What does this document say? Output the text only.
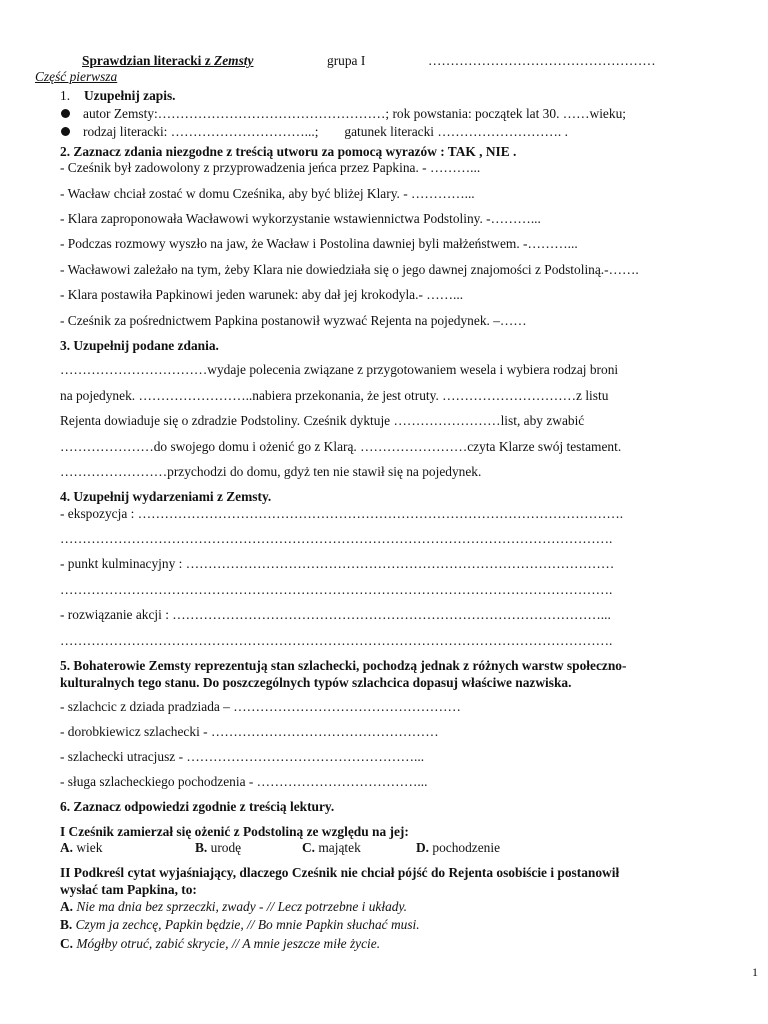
Sprawdzian literacki z Zemsty	grupa I	……………………………………………
Część pierwsza
1. Uzupełnij zapis.
autor Zemsty:……………………………………………; rok powstania: początek lat 30. ……wieku;
rodzaj literacki: …………………………...; gatunek literacki ………………………. .
2. Zaznacz zdania niezgodne z treścią utworu za pomocą wyrazów : TAK , NIE .
- Cześnik był zadowolony z przyprowadzenia jeńca przez Papkina. - ………...
- Wacław chciał zostać w domu Cześnika, aby być bliżej Klary. - …………...
- Klara zaproponowała Wacławowi wykorzystanie wstawiennictwa Podstoliny. -………...
- Podczas rozmowy wyszło na jaw, że Wacław i Postolina dawniej byli małżeństwem. -………...
- Wacławowi zależało na tym, żeby Klara nie dowiedziała się o jego dawnej znajomości z Podstoliną.-…….
- Klara postawiła Papkinowi jeden warunek: aby dał jej krokodyla.- ……...
- Cześnik za pośrednictwem Papkina postanowił wyzwać Rejenta na pojedynek. –……
3. Uzupełnij podane zdania.
……………………………wydaje polecenia związane z przygotowaniem wesela i wybiera rodzaj broni
na pojedynek. ……………………..nabiera przekonania, że jest otruty. …………………………z listu
Rejenta dowiaduje się o zdradzie Podstoliny. Cześnik dyktuje ……………………list, aby zwabić
…………………do swojego domu i ożenić go z Klarą. ……………………czyta Klarze swój testament.
……………………przychodzi do domu, gdyż ten nie stawił się na pojedynek.
4. Uzupełnij wydarzeniami z Zemsty.
- ekspozycja : ……………………………………………………………………………………………….
…………………………………………………………………………………………………………….
- punkt kulminacyjny : ……………………………………………………………………………………
…………………………………………………………………………………………………………….
- rozwiązanie akcji : ……………………………………………………………………………………...
…………………………………………………………………………………………………………….
5. Bohaterowie Zemsty reprezentują stan szlachecki, pochodzą jednak z różnych warstw społeczno-
kulturalnych tego stanu. Do poszczególnych typów szlachcica dopasuj właściwe nazwiska.
- szlachcic z dziada pradziada – ……………………………………………
- dorobkiewicz szlachecki - ……………………………………………
- szlachecki utracjusz - ……………………………………………...
- sługa szlacheckiego pochodzenia - ………………………………...
6. Zaznacz odpowiedzi zgodnie z treścią lektury.
I Cześnik zamierzał się ożenić z Podstoliną ze względu na jej:
A. wiek	B. urodę	C. majątek	D. pochodzenie
II Podkreśl cytat wyjaśniający, dlaczego Cześnik nie chciał pójść do Rejenta osobiście i postanowił
wysłać tam Papkina, to:
A. Nie ma dnia bez sprzeczki, zwady - // Lecz potrzebne i układy.
B. Czym ja zechcę, Papkin będzie, // Bo mnie Papkin słuchać musi.
C. Mógłby otruć, zabić skrycie, // A mnie jeszcze miłe życie.
1
